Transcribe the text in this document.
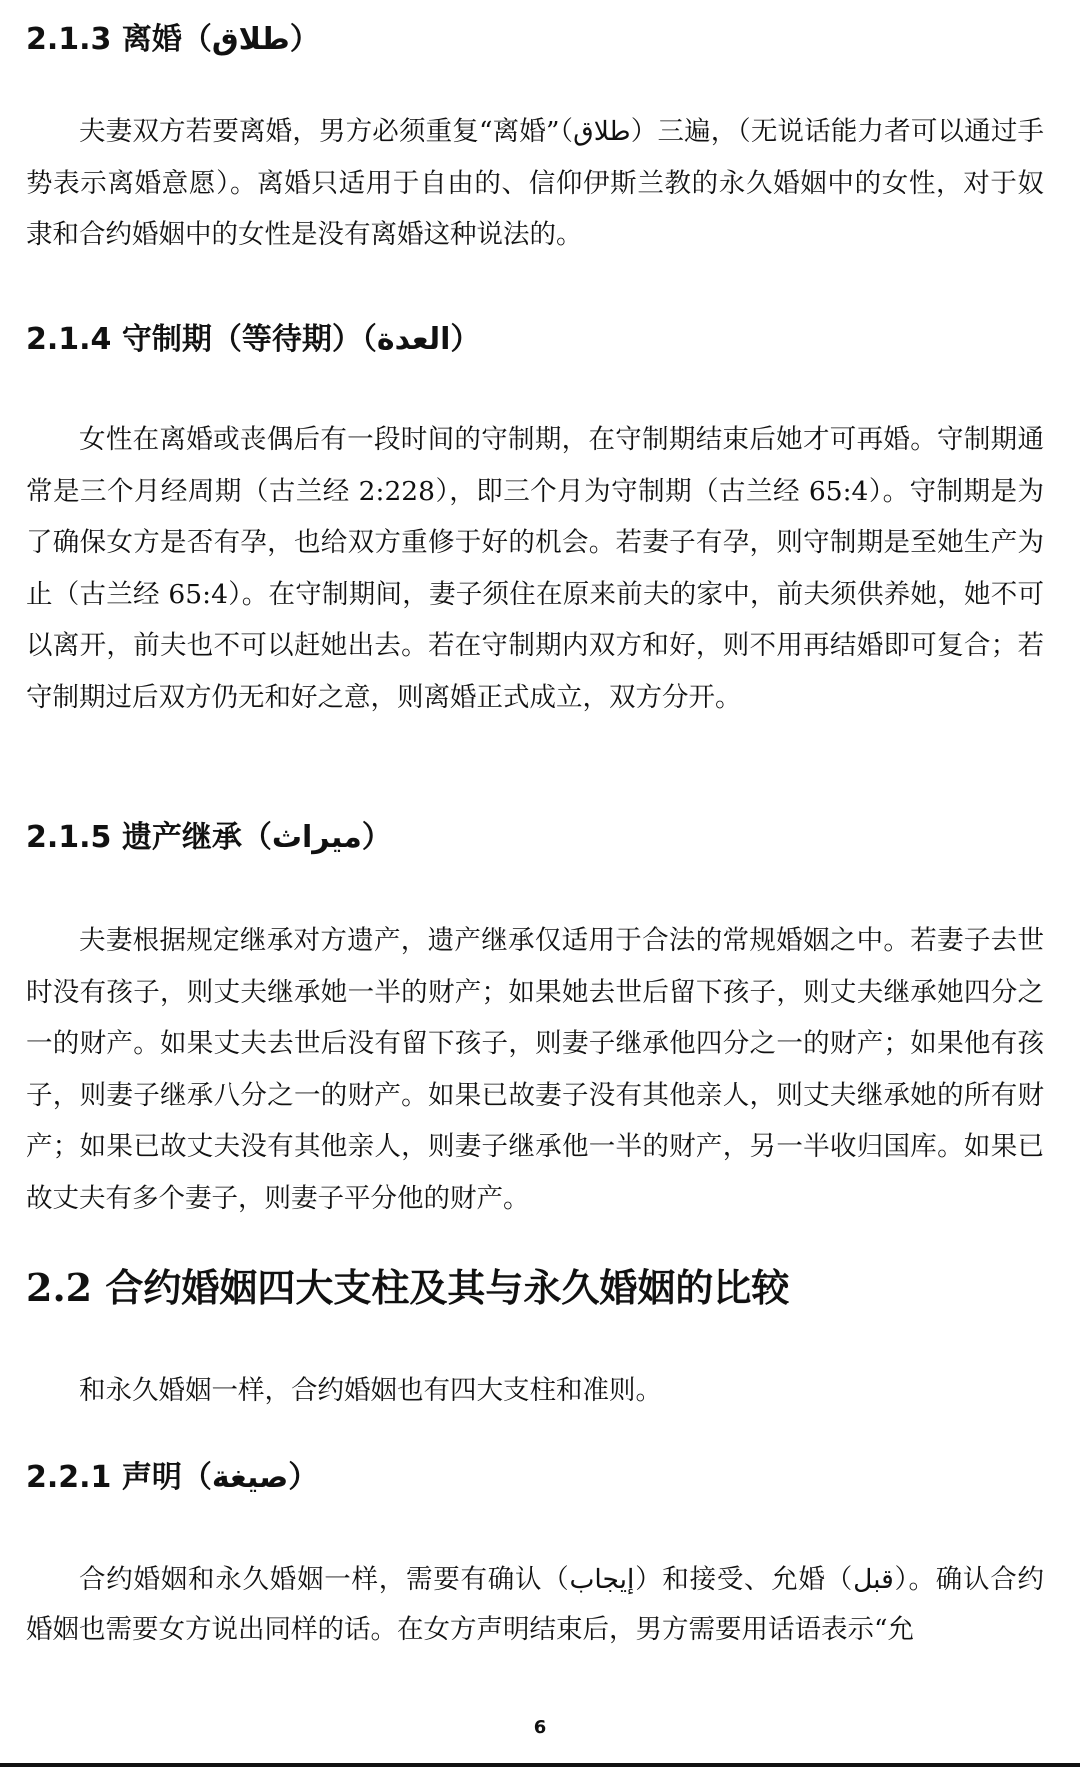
2.1.3 离婚（طلاق）

夫妻双方若要离婚，男方必须重复“离婚”（طلاق）三遍，（无说话能力者可以通过手势表示离婚意愿）。离婚只适用于自由的、信仰伊斯兰教的永久婚姻中的女性，对于奴隶和合约婚姻中的女性是没有离婚这种说法的。

2.1.4 守制期（等待期）（العدة）

女性在离婚或丧偶后有一段时间的守制期，在守制期结束后她才可再婚。守制期通常是三个月经周期（古兰经 2:228），即三个月为守制期（古兰经 65:4）。守制期是为了确保女方是否有孕，也给双方重修于好的机会。若妻子有孕，则守制期是至她生产为止（古兰经 65:4）。在守制期间，妻子须住在原来前夫的家中，前夫须供养她，她不可以离开，前夫也不可以赶她出去。若在守制期内双方和好，则不用再结婚即可复合；若守制期过后双方仍无和好之意，则离婚正式成立，双方分开。

2.1.5 遗产继承（ميراث）

夫妻根据规定继承对方遗产，遗产继承仅适用于合法的常规婚姻之中。若妻子去世时没有孩子，则丈夫继承她一半的财产；如果她去世后留下孩子，则丈夫继承她四分之一的财产。如果丈夫去世后没有留下孩子，则妻子继承他四分之一的财产；如果他有孩子，则妻子继承八分之一的财产。如果已故妻子没有其他亲人，则丈夫继承她的所有财产；如果已故丈夫没有其他亲人，则妻子继承他一半的财产，另一半收归国库。如果已故丈夫有多个妻子，则妻子平分他的财产。

2.2 合约婚姻四大支柱及其与永久婚姻的比较

和永久婚姻一样，合约婚姻也有四大支柱和准则。

2.2.1 声明（صيغة）

合约婚姻和永久婚姻一样，需要有确认（إيجاب）和接受、允婚（قبل）。确认合约婚姻也需要女方说出同样的话。在女方声明结束后，男方需要用话语表示“允

6
